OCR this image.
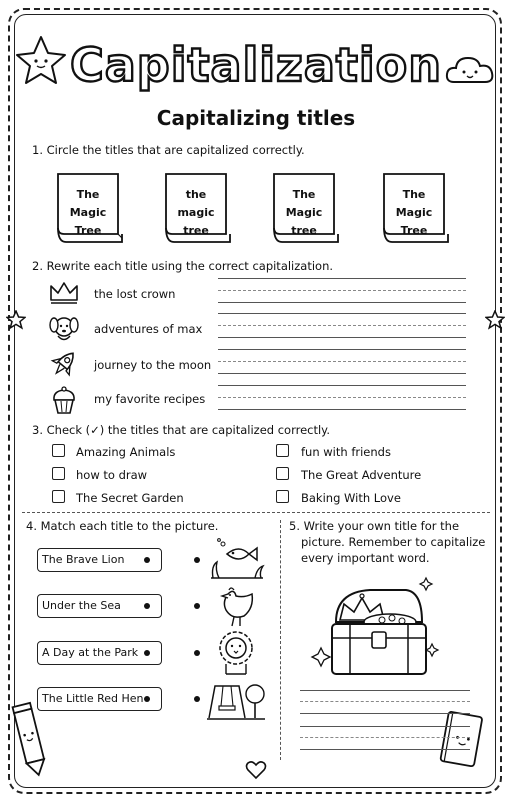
Capitalization
Capitalizing titles
1. Circle the titles that are capitalized correctly.
The Magic
Tree
the magic
tree
The Magic
tree
The Magic
Tree
2. Rewrite each title using the correct capitalization.
the lost crown
adventures of max
journey to the moon
my favorite recipes
3. Check (✓) the titles that are capitalized correctly.
Amazing Animals
how to draw
The Secret Garden
fun with friends
The Great Adventure
Baking With Love
4. Match each title to the picture.
The Brave Lion
Under the Sea
A Day at the Park
The Little Red Hen
5. Write your own title for the
picture. Remember to capitalize
every important word.
